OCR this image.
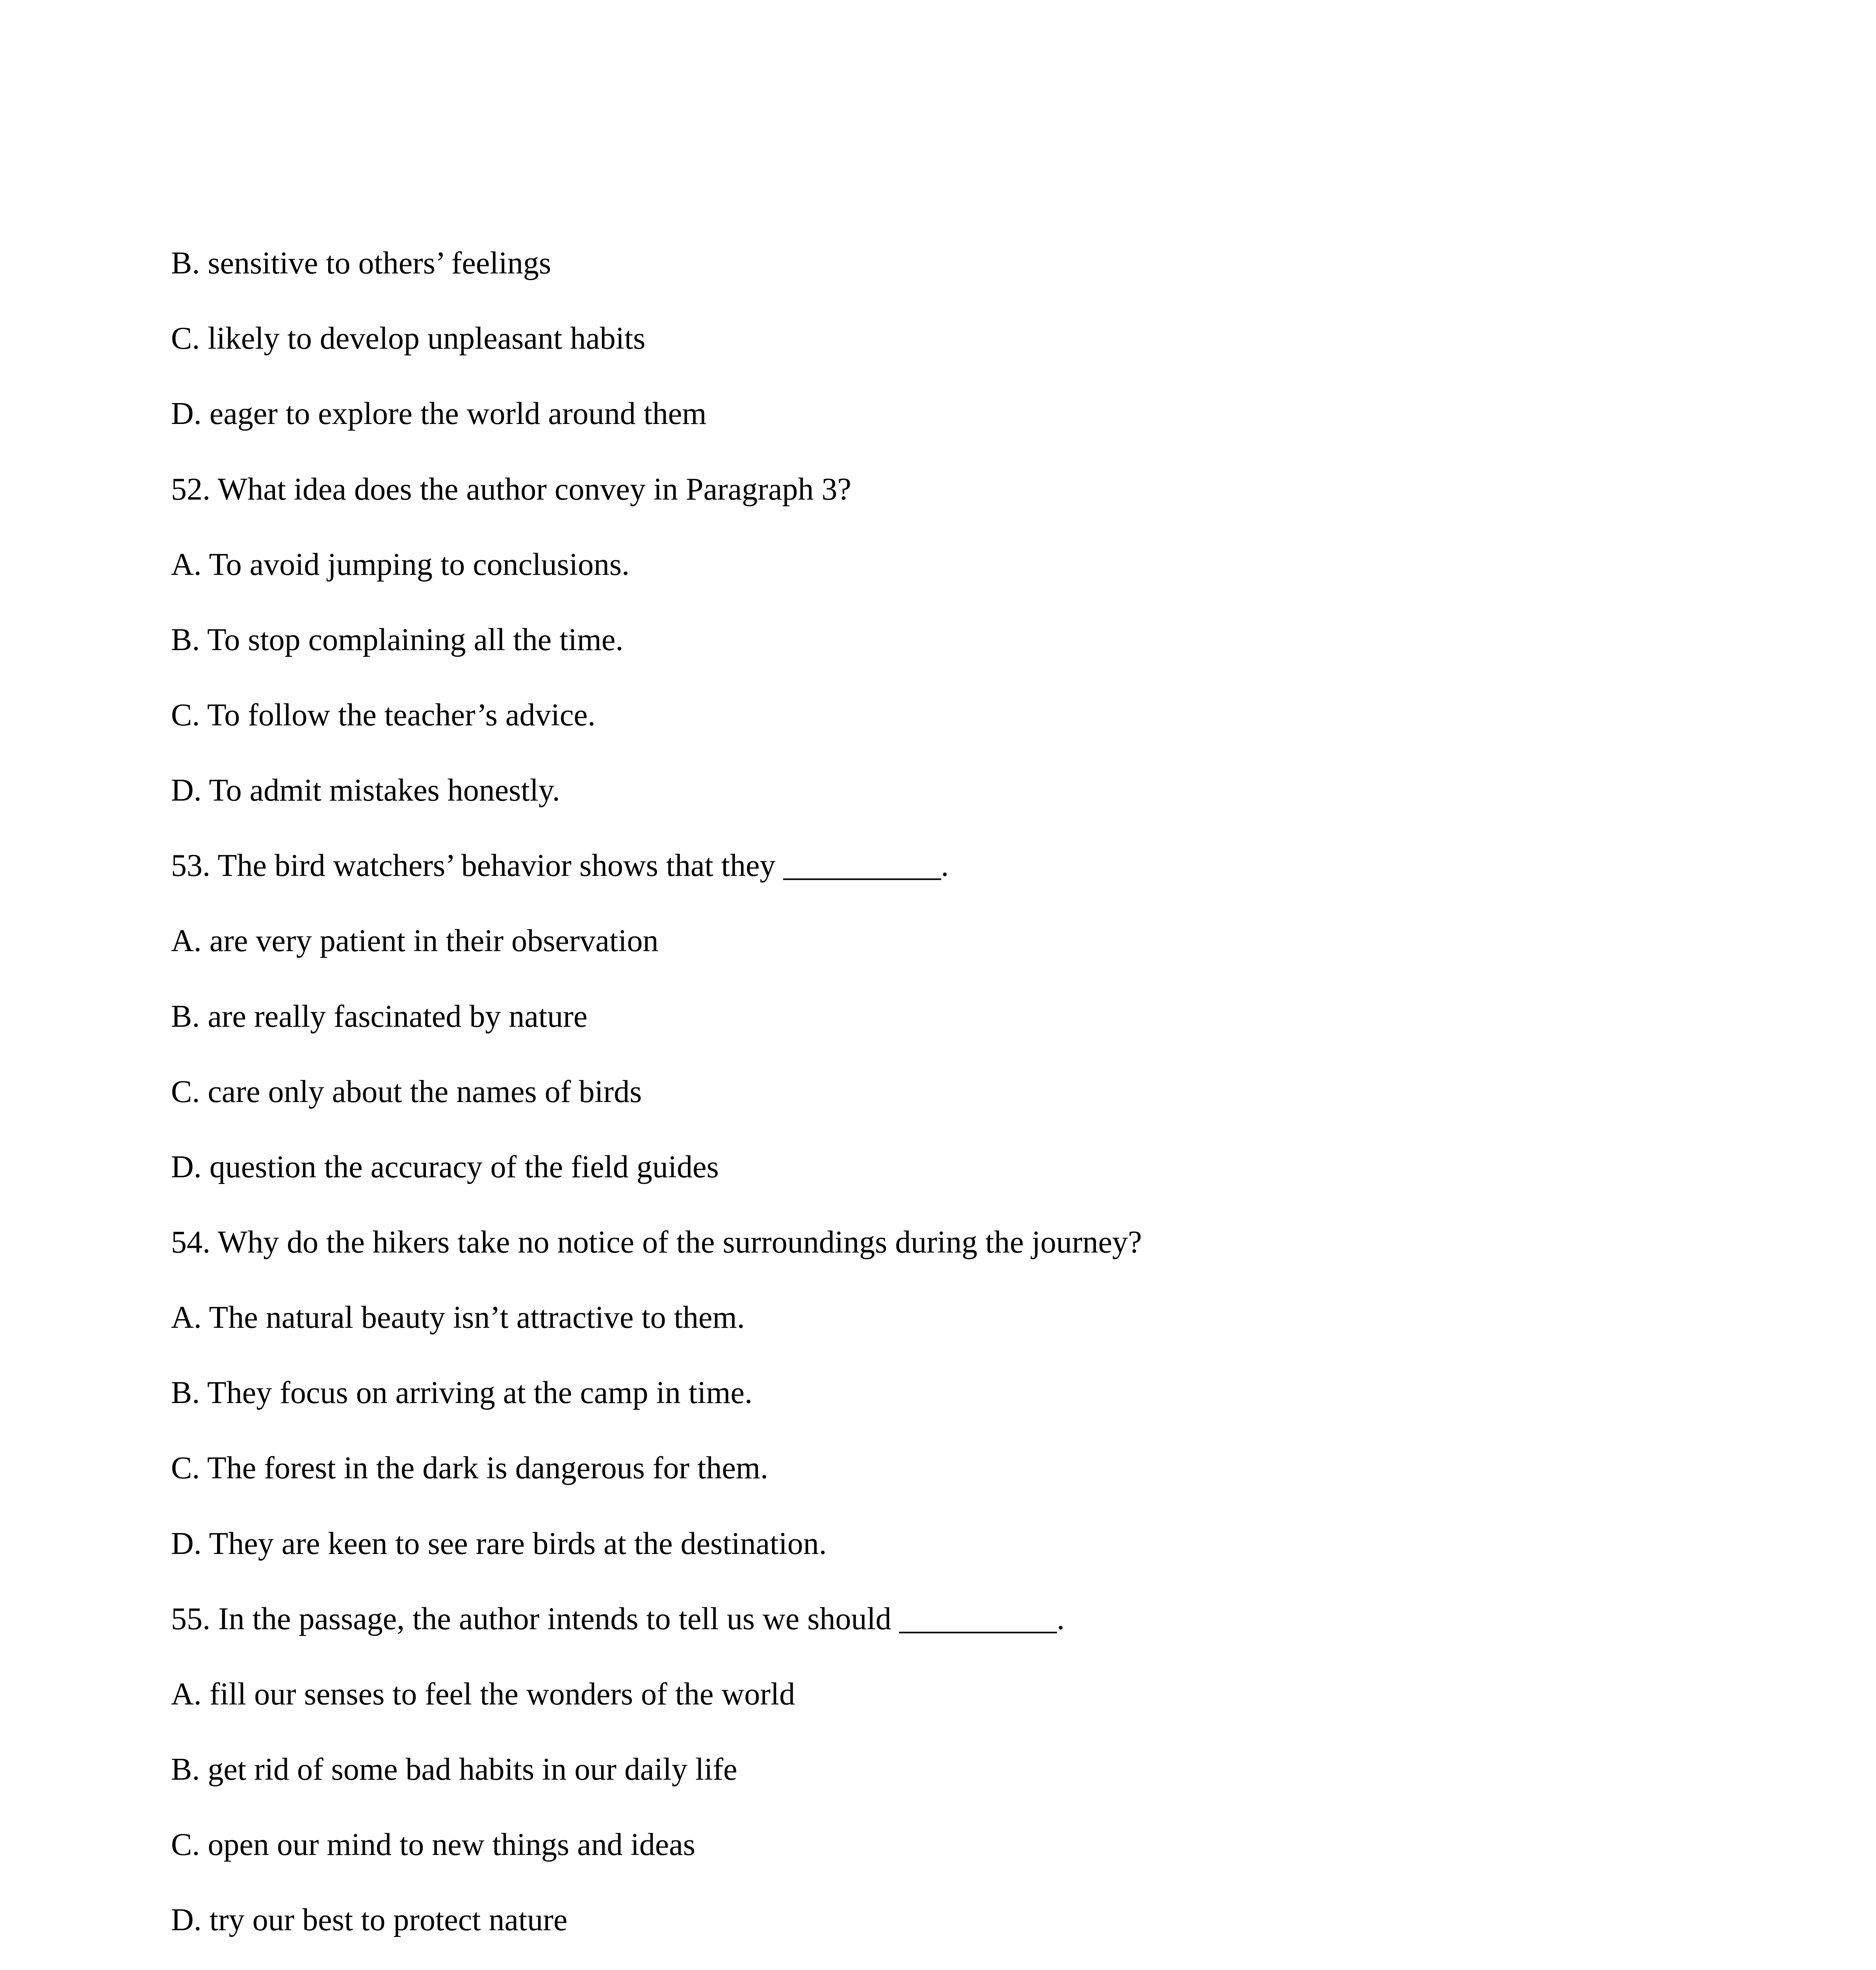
B. sensitive to others’ feelings
C. likely to develop unpleasant habits
D. eager to explore the world around them
52. What idea does the author convey in Paragraph 3?
A. To avoid jumping to conclusions.
B. To stop complaining all the time.
C. To follow the teacher’s advice.
D. To admit mistakes honestly.
53. The bird watchers’ behavior shows that they __________.
A. are very patient in their observation
B. are really fascinated by nature
C. care only about the names of birds
D. question the accuracy of the field guides
54. Why do the hikers take no notice of the surroundings during the journey?
A. The natural beauty isn’t attractive to them.
B. They focus on arriving at the camp in time.
C. The forest in the dark is dangerous for them.
D. They are keen to see rare birds at the destination.
55. In the passage, the author intends to tell us we should __________.
A. fill our senses to feel the wonders of the world
B. get rid of some bad habits in our daily life
C. open our mind to new things and ideas
D. try our best to protect nature
